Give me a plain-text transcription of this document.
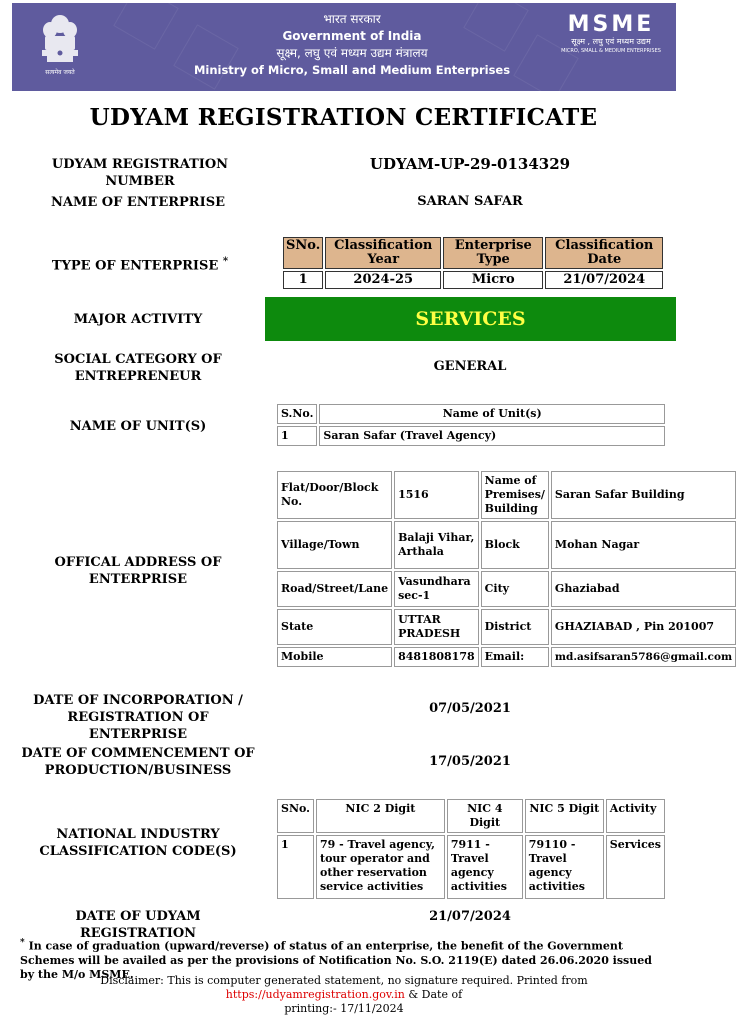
सत्यमेव जयते
भारत सरकार
Government of India
सूक्ष्म, लघु एवं मध्यम उद्यम मंत्रालय
Ministry of Micro, Small and Medium Enterprises
MSME
सूक्ष्म , लघु एवं मध्यम उद्यम
MICRO, SMALL & MEDIUM ENTERPRISES
UDYAM REGISTRATION CERTIFICATE
UDYAM REGISTRATION NUMBER
UDYAM-UP-29-0134329
NAME OF ENTERPRISE	SARAN SAFAR
TYPE OF ENTERPRISE *
SNo.	Classification Year	Enterprise Type	Classification Date
1	2024-25	Micro	21/07/2024
MAJOR ACTIVITY	SERVICES
SOCIAL CATEGORY OF
ENTREPRENEUR
GENERAL
NAME OF UNIT(S)
S.No.	Name of Unit(s)
1	Saran Safar (Travel Agency)
OFFICAL ADDRESS OF
ENTERPRISE
Flat/Door/Block No.	1516	Name of Premises/ Building	Saran Safar Building
Village/Town	Balaji Vihar, Arthala	Block	Mohan Nagar
Road/Street/Lane	Vasundhara sec-1	City	Ghaziabad
State	UTTAR PRADESH	District	GHAZIABAD , Pin 201007
Mobile	8481808178	Email:	md.asifsaran5786@gmail.com
DATE OF INCORPORATION /
REGISTRATION OF ENTERPRISE
07/05/2021
DATE OF COMMENCEMENT OF
PRODUCTION/BUSINESS
17/05/2021
NATIONAL INDUSTRY
CLASSIFICATION CODE(S)
SNo.	NIC 2 Digit	NIC 4 Digit	NIC 5 Digit	Activity
1	79 - Travel agency, tour operator and other reservation service activities	7911 - Travel agency activities	79110 - Travel agency activities	Services
DATE OF UDYAM REGISTRATION
21/07/2024
* In case of graduation (upward/reverse) of status of an enterprise, the benefit of the Government Schemes will be availed as per the provisions of Notification No. S.O. 2119(E) dated 26.06.2020 issued by the M/o MSME.
Disclaimer: This is computer generated statement, no signature required. Printed from https://udyamregistration.gov.in & Date of
printing:- 17/11/2024
